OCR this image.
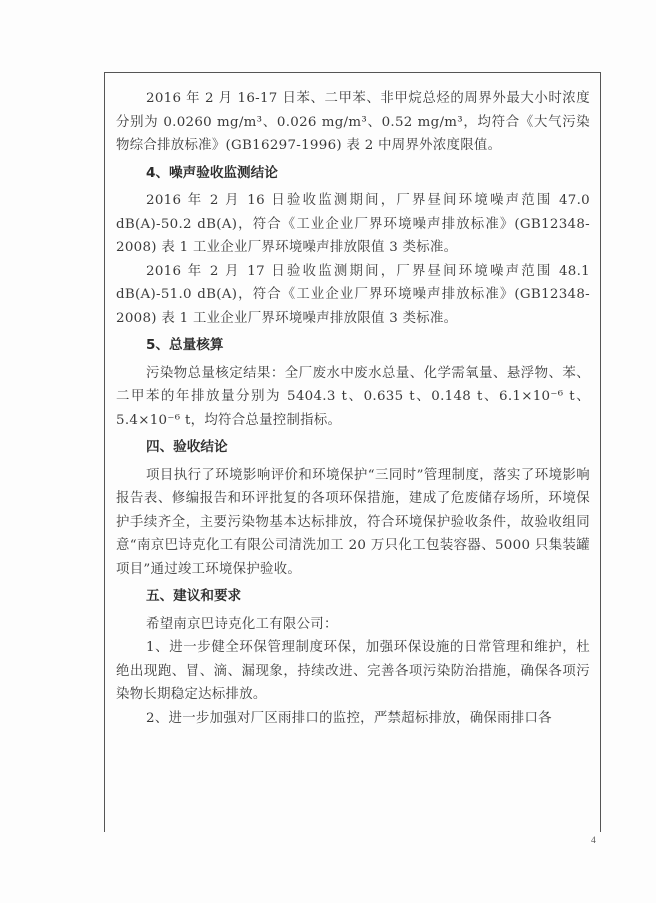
2016 年 2 月 16-17 日苯、二甲苯、非甲烷总烃的周界外最大小时浓度分别为 0.0260 mg/m³、0.026 mg/m³、0.52 mg/m³，均符合《大气污染物综合排放标准》(GB16297-1996) 表 2 中周界外浓度限值。

4、噪声验收监测结论

2016 年 2 月 16 日验收监测期间，厂界昼间环境噪声范围 47.0 dB(A)-50.2 dB(A)，符合《工业企业厂界环境噪声排放标准》(GB12348-2008) 表 1 工业企业厂界环境噪声排放限值 3 类标准。

2016 年 2 月 17 日验收监测期间，厂界昼间环境噪声范围 48.1 dB(A)-51.0 dB(A)，符合《工业企业厂界环境噪声排放标准》(GB12348-2008) 表 1 工业企业厂界环境噪声排放限值 3 类标准。

5、总量核算

污染物总量核定结果：全厂废水中废水总量、化学需氧量、悬浮物、苯、二甲苯的年排放量分别为 5404.3 t、0.635 t、0.148 t、6.1×10⁻⁶ t、5.4×10⁻⁶ t，均符合总量控制指标。

四、验收结论

项目执行了环境影响评价和环境保护“三同时”管理制度，落实了环境影响报告表、修编报告和环评批复的各项环保措施，建成了危废储存场所，环境保护手续齐全，主要污染物基本达标排放，符合环境保护验收条件，故验收组同意“南京巴诗克化工有限公司清洗加工 20 万只化工包装容器、5000 只集装罐项目”通过竣工环境保护验收。

五、建议和要求

希望南京巴诗克化工有限公司：

1、进一步健全环保管理制度环保，加强环保设施的日常管理和维护，杜绝出现跑、冒、滴、漏现象，持续改进、完善各项污染防治措施，确保各项污染物长期稳定达标排放。

2、进一步加强对厂区雨排口的监控，严禁超标排放，确保雨排口各

4
